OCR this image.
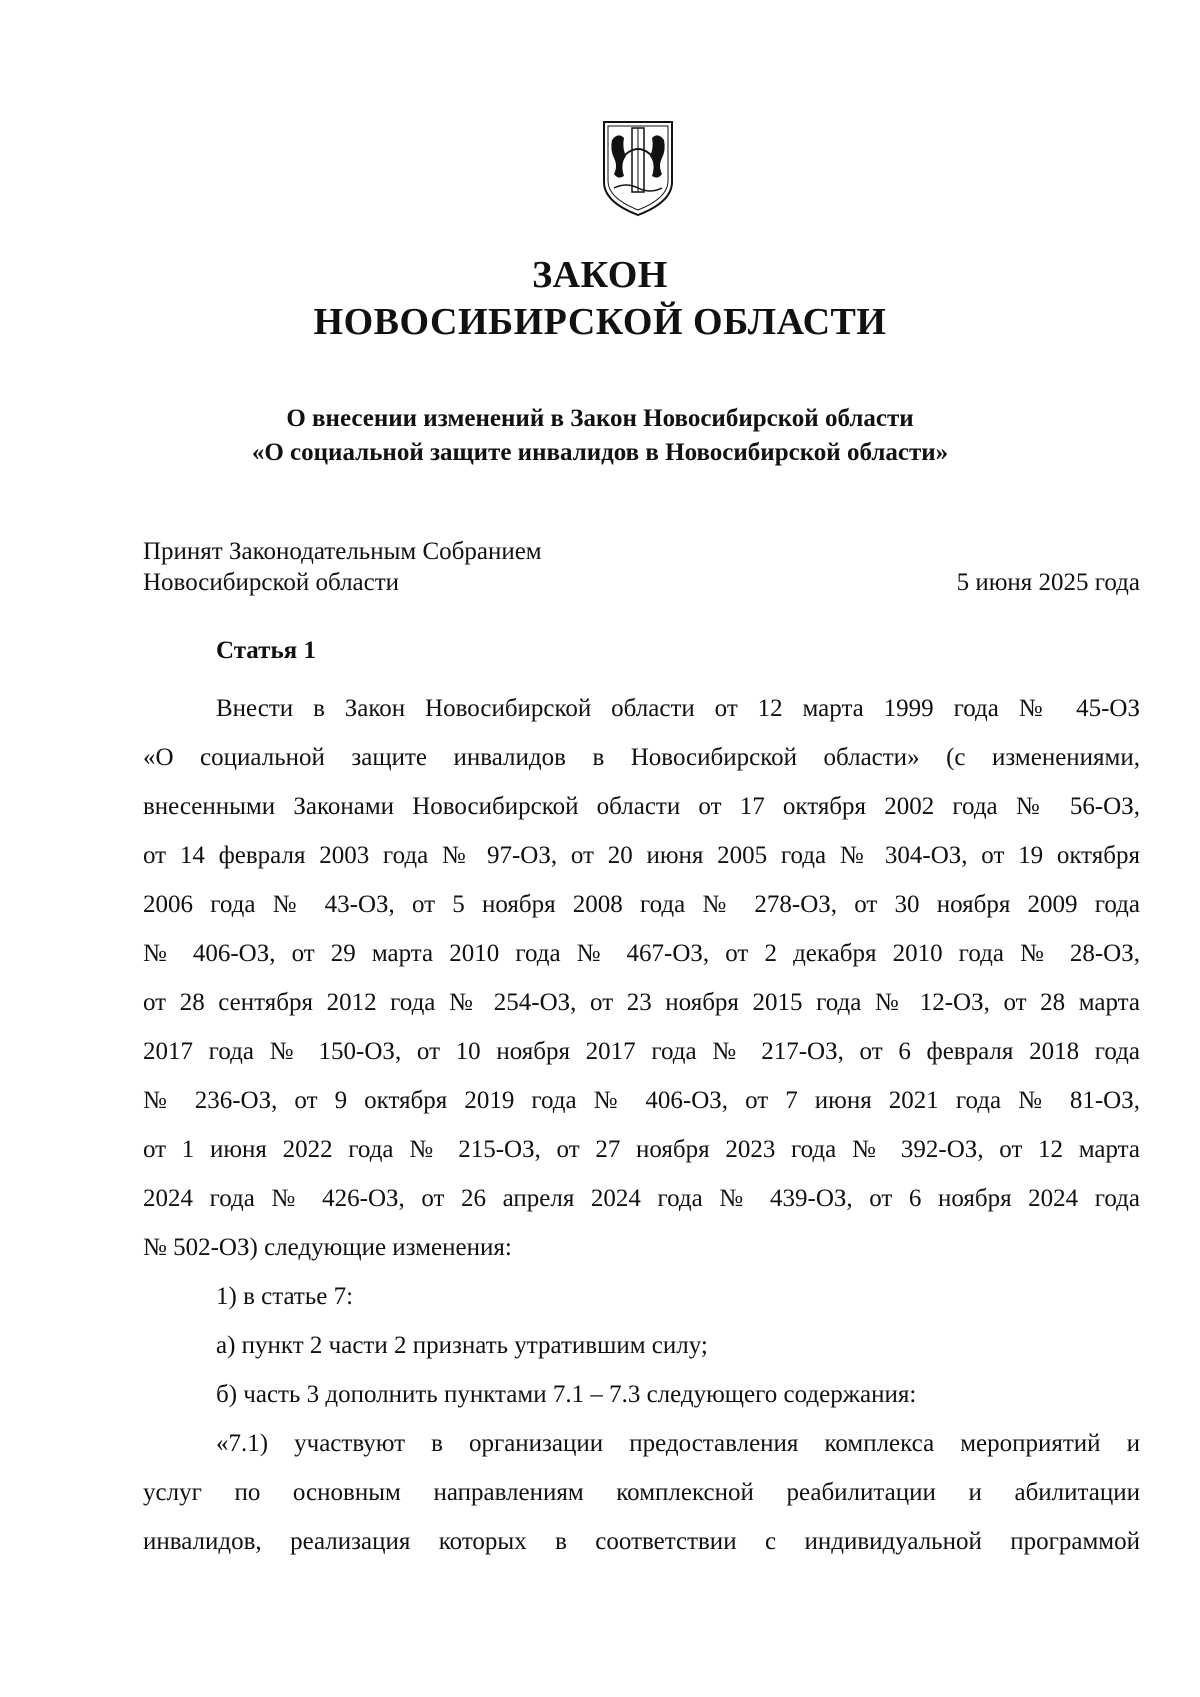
ЗАКОН
НОВОСИБИРСКОЙ ОБЛАСТИ
О внесении изменений в Закон Новосибирской области
«О социальной защите инвалидов в Новосибирской области»
Принят Законодательным Собранием
Новосибирской области	5 июня 2025 года
Статья 1
Внести в Закон Новосибирской области от 12 марта 1999 года № 45-ОЗ
«О социальной защите инвалидов в Новосибирской области» (с изменениями,
внесенными Законами Новосибирской области от 17 октября 2002 года № 56-ОЗ,
от 14 февраля 2003 года № 97-ОЗ, от 20 июня 2005 года № 304-ОЗ, от 19 октября
2006 года № 43-ОЗ, от 5 ноября 2008 года № 278-ОЗ, от 30 ноября 2009 года
№ 406-ОЗ, от 29 марта 2010 года № 467-ОЗ, от 2 декабря 2010 года № 28-ОЗ,
от 28 сентября 2012 года № 254-ОЗ, от 23 ноября 2015 года № 12-ОЗ, от 28 марта
2017 года № 150-ОЗ, от 10 ноября 2017 года № 217-ОЗ, от 6 февраля 2018 года
№ 236-ОЗ, от 9 октября 2019 года № 406-ОЗ, от 7 июня 2021 года № 81-ОЗ,
от 1 июня 2022 года № 215-ОЗ, от 27 ноября 2023 года № 392-ОЗ, от 12 марта
2024 года № 426-ОЗ, от 26 апреля 2024 года № 439-ОЗ, от 6 ноября 2024 года
№ 502-ОЗ) следующие изменения:
1) в статье 7:
а) пункт 2 части 2 признать утратившим силу;
б) часть 3 дополнить пунктами 7.1 – 7.3 следующего содержания:
«7.1) участвуют в организации предоставления комплекса мероприятий и
услуг по основным направлениям комплексной реабилитации и абилитации
инвалидов, реализация которых в соответствии с индивидуальной программой
